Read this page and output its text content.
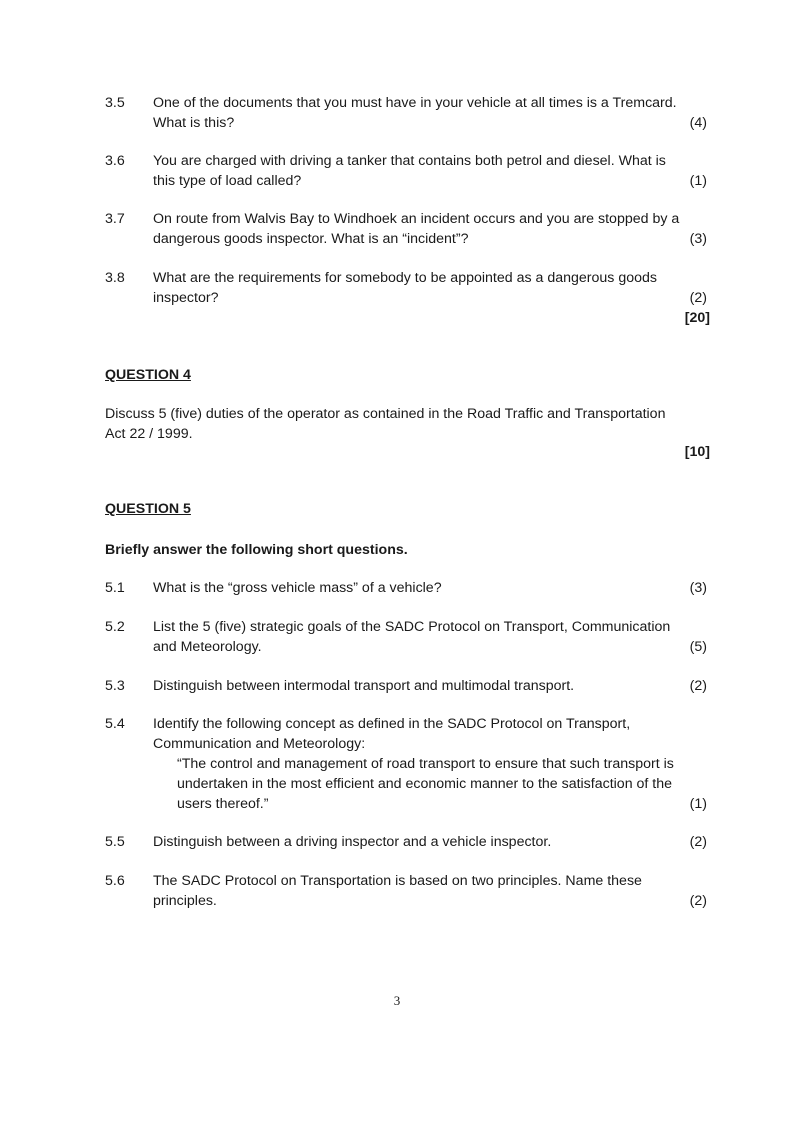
3.5 One of the documents that you must have in your vehicle at all times is a Tremcard.
What is this?	(4)
3.6 You are charged with driving a tanker that contains both petrol and diesel. What is
this type of load called?	(1)
3.7 On route from Walvis Bay to Windhoek an incident occurs and you are stopped by a
dangerous goods inspector. What is an “incident”?	(3)
3.8 What are the requirements for somebody to be appointed as a dangerous goods
inspector?	(2)
[20]
QUESTION 4
Discuss 5 (five) duties of the operator as contained in the Road Traffic and Transportation
Act 22 / 1999.
[10]
QUESTION 5
Briefly answer the following short questions.
5.1 What is the “gross vehicle mass” of a vehicle?	(3)
5.2 List the 5 (five) strategic goals of the SADC Protocol on Transport, Communication
and Meteorology.	(5)
5.3 Distinguish between intermodal transport and multimodal transport.	(2)
5.4 Identify the following concept as defined in the SADC Protocol on Transport,
Communication and Meteorology:
“The control and management of road transport to ensure that such transport is
undertaken in the most efficient and economic manner to the satisfaction of the
users thereof.”	(1)
5.5 Distinguish between a driving inspector and a vehicle inspector.	(2)
5.6 The SADC Protocol on Transportation is based on two principles. Name these
principles.	(2)
3
